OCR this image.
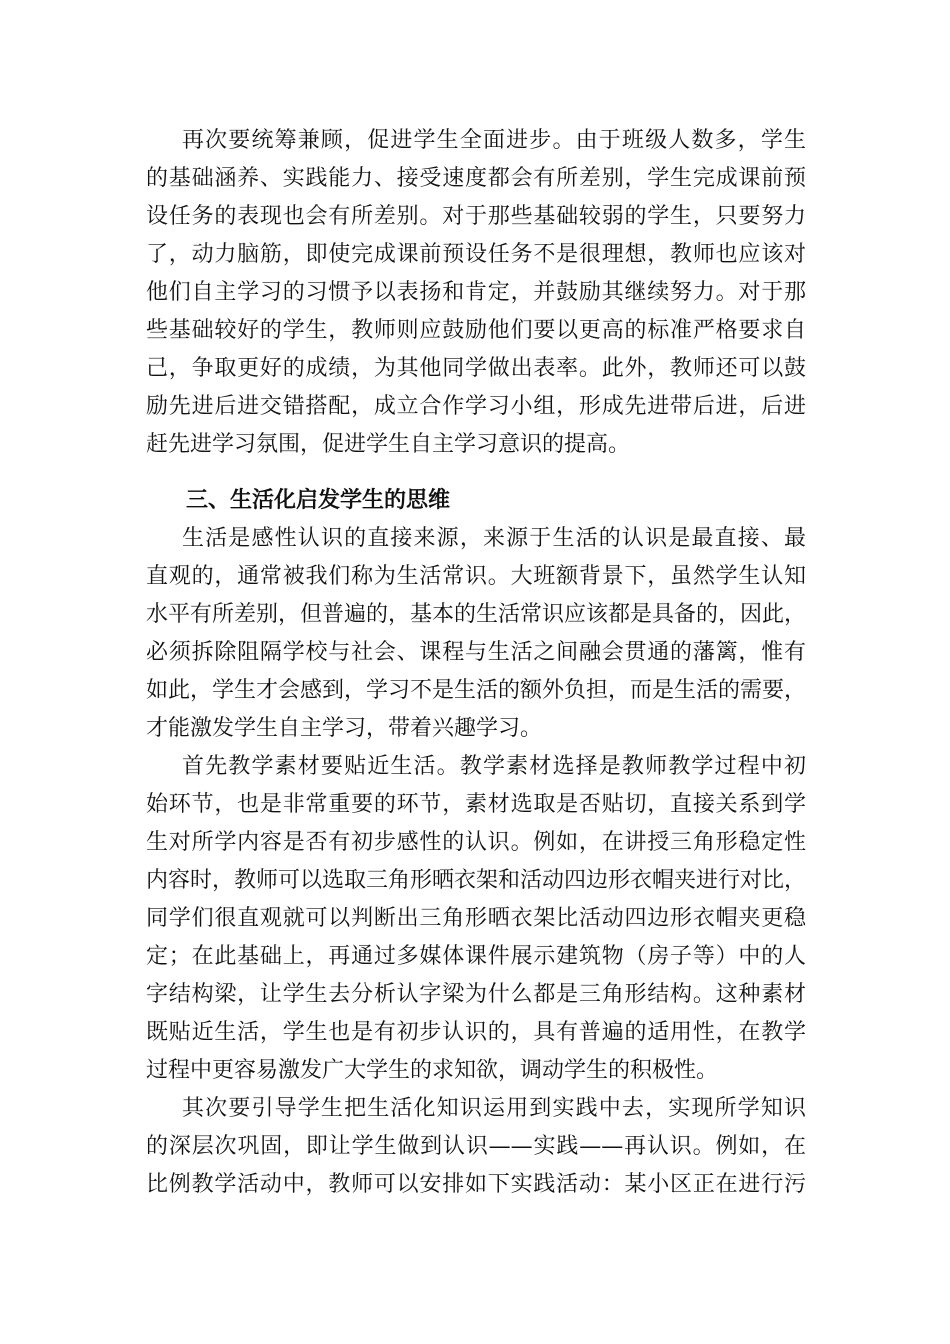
再次要统筹兼顾，促进学生全面进步。由于班级人数多，学生
的基础涵养、实践能力、接受速度都会有所差别，学生完成课前预
设任务的表现也会有所差别。对于那些基础较弱的学生，只要努力
了，动力脑筋，即使完成课前预设任务不是很理想，教师也应该对
他们自主学习的习惯予以表扬和肯定，并鼓励其继续努力。对于那
些基础较好的学生，教师则应鼓励他们要以更高的标准严格要求自
己，争取更好的成绩，为其他同学做出表率。此外，教师还可以鼓
励先进后进交错搭配，成立合作学习小组，形成先进带后进，后进
赶先进学习氛围，促进学生自主学习意识的提高。
三、生活化启发学生的思维
生活是感性认识的直接来源，来源于生活的认识是最直接、最
直观的，通常被我们称为生活常识。大班额背景下，虽然学生认知
水平有所差别，但普遍的，基本的生活常识应该都是具备的，因此，
必须拆除阻隔学校与社会、课程与生活之间融会贯通的藩篱，惟有
如此，学生才会感到，学习不是生活的额外负担，而是生活的需要，
才能激发学生自主学习，带着兴趣学习。
首先教学素材要贴近生活。教学素材选择是教师教学过程中初
始环节，也是非常重要的环节，素材选取是否贴切，直接关系到学
生对所学内容是否有初步感性的认识。例如，在讲授三角形稳定性
内容时，教师可以选取三角形晒衣架和活动四边形衣帽夹进行对比，
同学们很直观就可以判断出三角形晒衣架比活动四边形衣帽夹更稳
定；在此基础上，再通过多媒体课件展示建筑物（房子等）中的人
字结构梁，让学生去分析认字梁为什么都是三角形结构。这种素材
既贴近生活，学生也是有初步认识的，具有普遍的适用性，在教学
过程中更容易激发广大学生的求知欲，调动学生的积极性。
其次要引导学生把生活化知识运用到实践中去，实现所学知识
的深层次巩固，即让学生做到认识——实践——再认识。例如，在
比例教学活动中，教师可以安排如下实践活动：某小区正在进行污
